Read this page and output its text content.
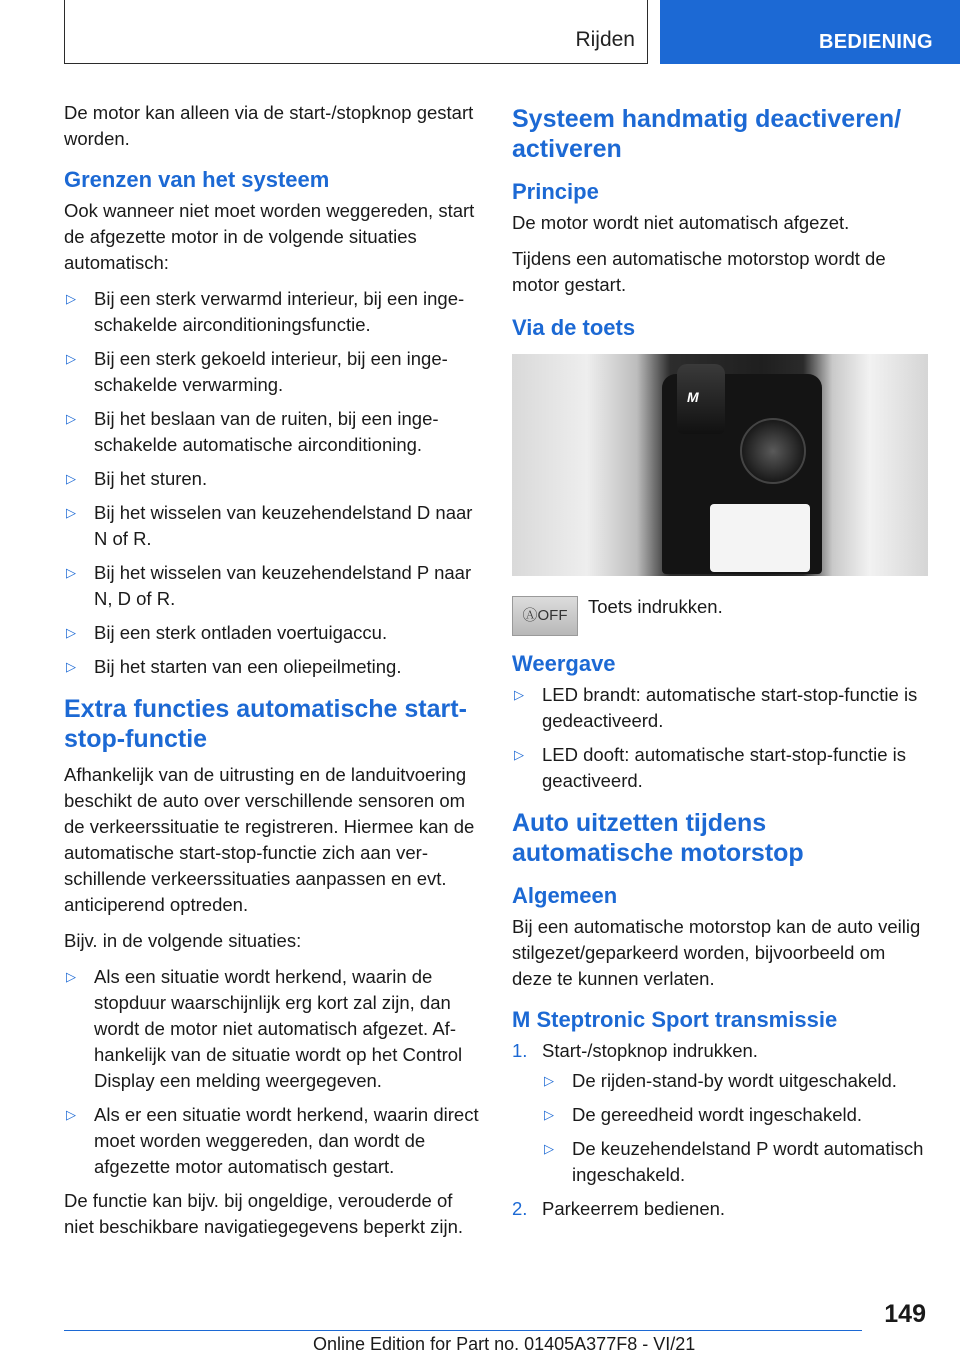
Rijden	BEDIENING

De motor kan alleen via de start-/stopknop gestart worden.

Grenzen van het systeem

Ook wanneer niet moet worden weggereden, start de afgezette motor in de volgende situaties automatisch:

▷ Bij een sterk verwarmd interieur, bij een ingeschakelde airconditioningsfunctie.
▷ Bij een sterk gekoeld interieur, bij een ingeschakelde verwarming.
▷ Bij het beslaan van de ruiten, bij een ingeschakelde automatische airconditioning.
▷ Bij het sturen.
▷ Bij het wisselen van keuzehendelstand D naar N of R.
▷ Bij het wisselen van keuzehendelstand P naar N, D of R.
▷ Bij een sterk ontladen voertuigaccu.
▷ Bij het starten van een oliepeilmeting.
Extra functies automatische start-stop-functie

Afhankelijk van de uitrusting en de landuitvoering beschikt de auto over verschillende sensoren om de verkeerssituatie te registreren. Hiermee kan de automatische start-stop-functie zich aan verschillende verkeerssituaties aanpassen en evt. anticiperend optreden.

Bijv. in de volgende situaties:

▷ Als een situatie wordt herkend, waarin de stopduur waarschijnlijk erg kort zal zijn, dan wordt de motor niet automatisch afgezet. Afhankelijk van de situatie wordt op het Control Display een melding weergegeven.
▷ Als er een situatie wordt herkend, waarin direct moet worden weggereden, dan wordt de afgezette motor automatisch gestart.

De functie kan bijv. bij ongeldige, verouderde of niet beschikbare navigatiegegevens beperkt zijn.

Systeem handmatig deactiveren/ activeren
Principe

De motor wordt niet automatisch afgezet.

Tijdens een automatische motorstop wordt de motor gestart.

Via de toets
M
ⒶOFF	Toets indrukken.
Weergave
▷ LED brandt: automatische start-stop-functie is gedeactiveerd.
▷ LED dooft: automatische start-stop-functie is geactiveerd.
Auto uitzetten tijdens automatische motorstop
Algemeen

Bij een automatische motorstop kan de auto veilig stilgezet/geparkeerd worden, bijvoorbeeld om deze te kunnen verlaten.

M Steptronic Sport transmissie
1. Start-/stopknop indrukken.
▷ De rijden-stand-by wordt uitgeschakeld.
▷ De gereedheid wordt ingeschakeld.
▷ De keuzehendelstand P wordt automatisch ingeschakeld.
2. Parkeerrem bedienen.
149
Online Edition for Part no. 01405A377F8 - VI/21
